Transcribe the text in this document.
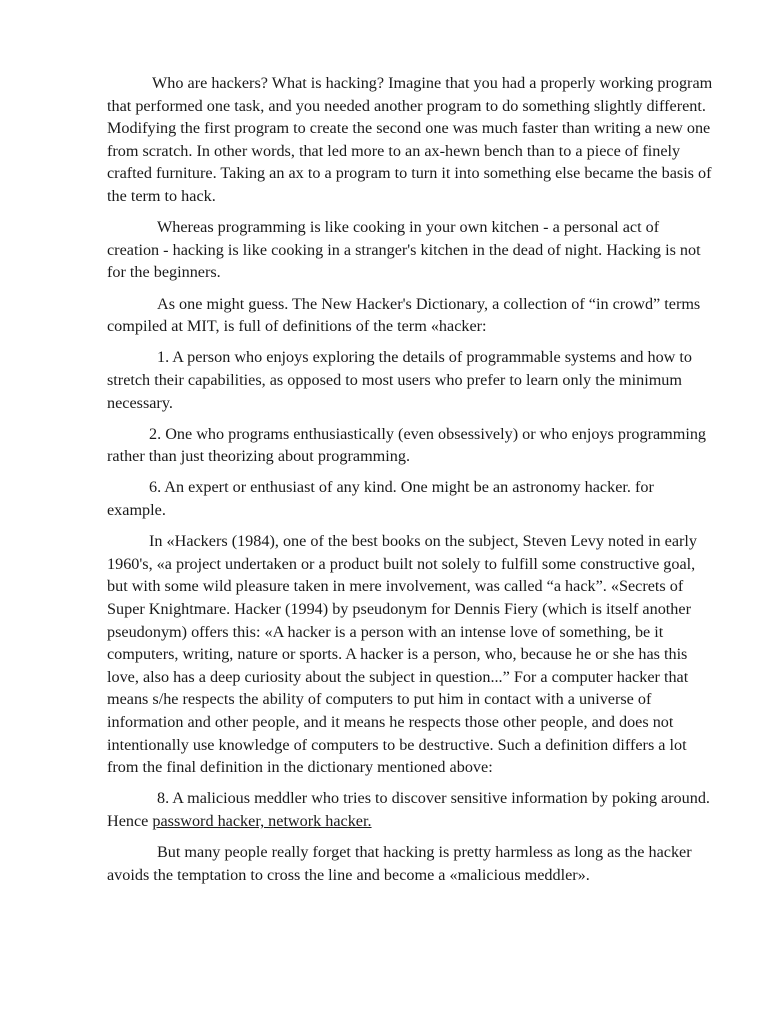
Who are hackers? What is hacking? Imagine that you had a properly working program that performed one task, and you needed another program to do something slightly different. Modifying the first program to create the second one was much faster than writing a new one from scratch. In other words, that led more to an ax-hewn bench than to a piece of finely crafted furniture. Taking an ax to a program to turn it into something else became the basis of the term to hack.

Whereas programming is like cooking in your own kitchen - a personal act of creation - hacking is like cooking in a stranger's kitchen in the dead of night. Hacking is not for the beginners.

As one might guess. The New Hacker's Dictionary, a collection of “in crowd” terms compiled at MIT, is full of definitions of the term «hacker:

1. A person who enjoys exploring the details of programmable systems and how to stretch their capabilities, as opposed to most users who prefer to learn only the minimum necessary.

2. One who programs enthusiastically (even obsessively) or who enjoys programming rather than just theorizing about programming.

6. An expert or enthusiast of any kind. One might be an astronomy hacker. for example.

In «Hackers (1984), one of the best books on the subject, Steven Levy noted in early 1960's, «a project undertaken or a product built not solely to fulfill some constructive goal, but with some wild pleasure taken in mere involvement, was called “a hack”. «Secrets of Super Knightmare. Hacker (1994) by pseudonym for Dennis Fiery (which is itself another pseudonym) offers this: «A hacker is a person with an intense love of something, be it computers, writing, nature or sports. A hacker is a person, who, because he or she has this love, also has a deep curiosity about the subject in question...” For a computer hacker that means s/he respects the ability of computers to put him in contact with a universe of information and other people, and it means he respects those other people, and does not intentionally use knowledge of computers to be destructive. Such a definition differs a lot from the final definition in the dictionary mentioned above:

8. A malicious meddler who tries to discover sensitive information by poking around. Hence password hacker, network hacker.

But many people really forget that hacking is pretty harmless as long as the hacker avoids the temptation to cross the line and become a «malicious meddler».
